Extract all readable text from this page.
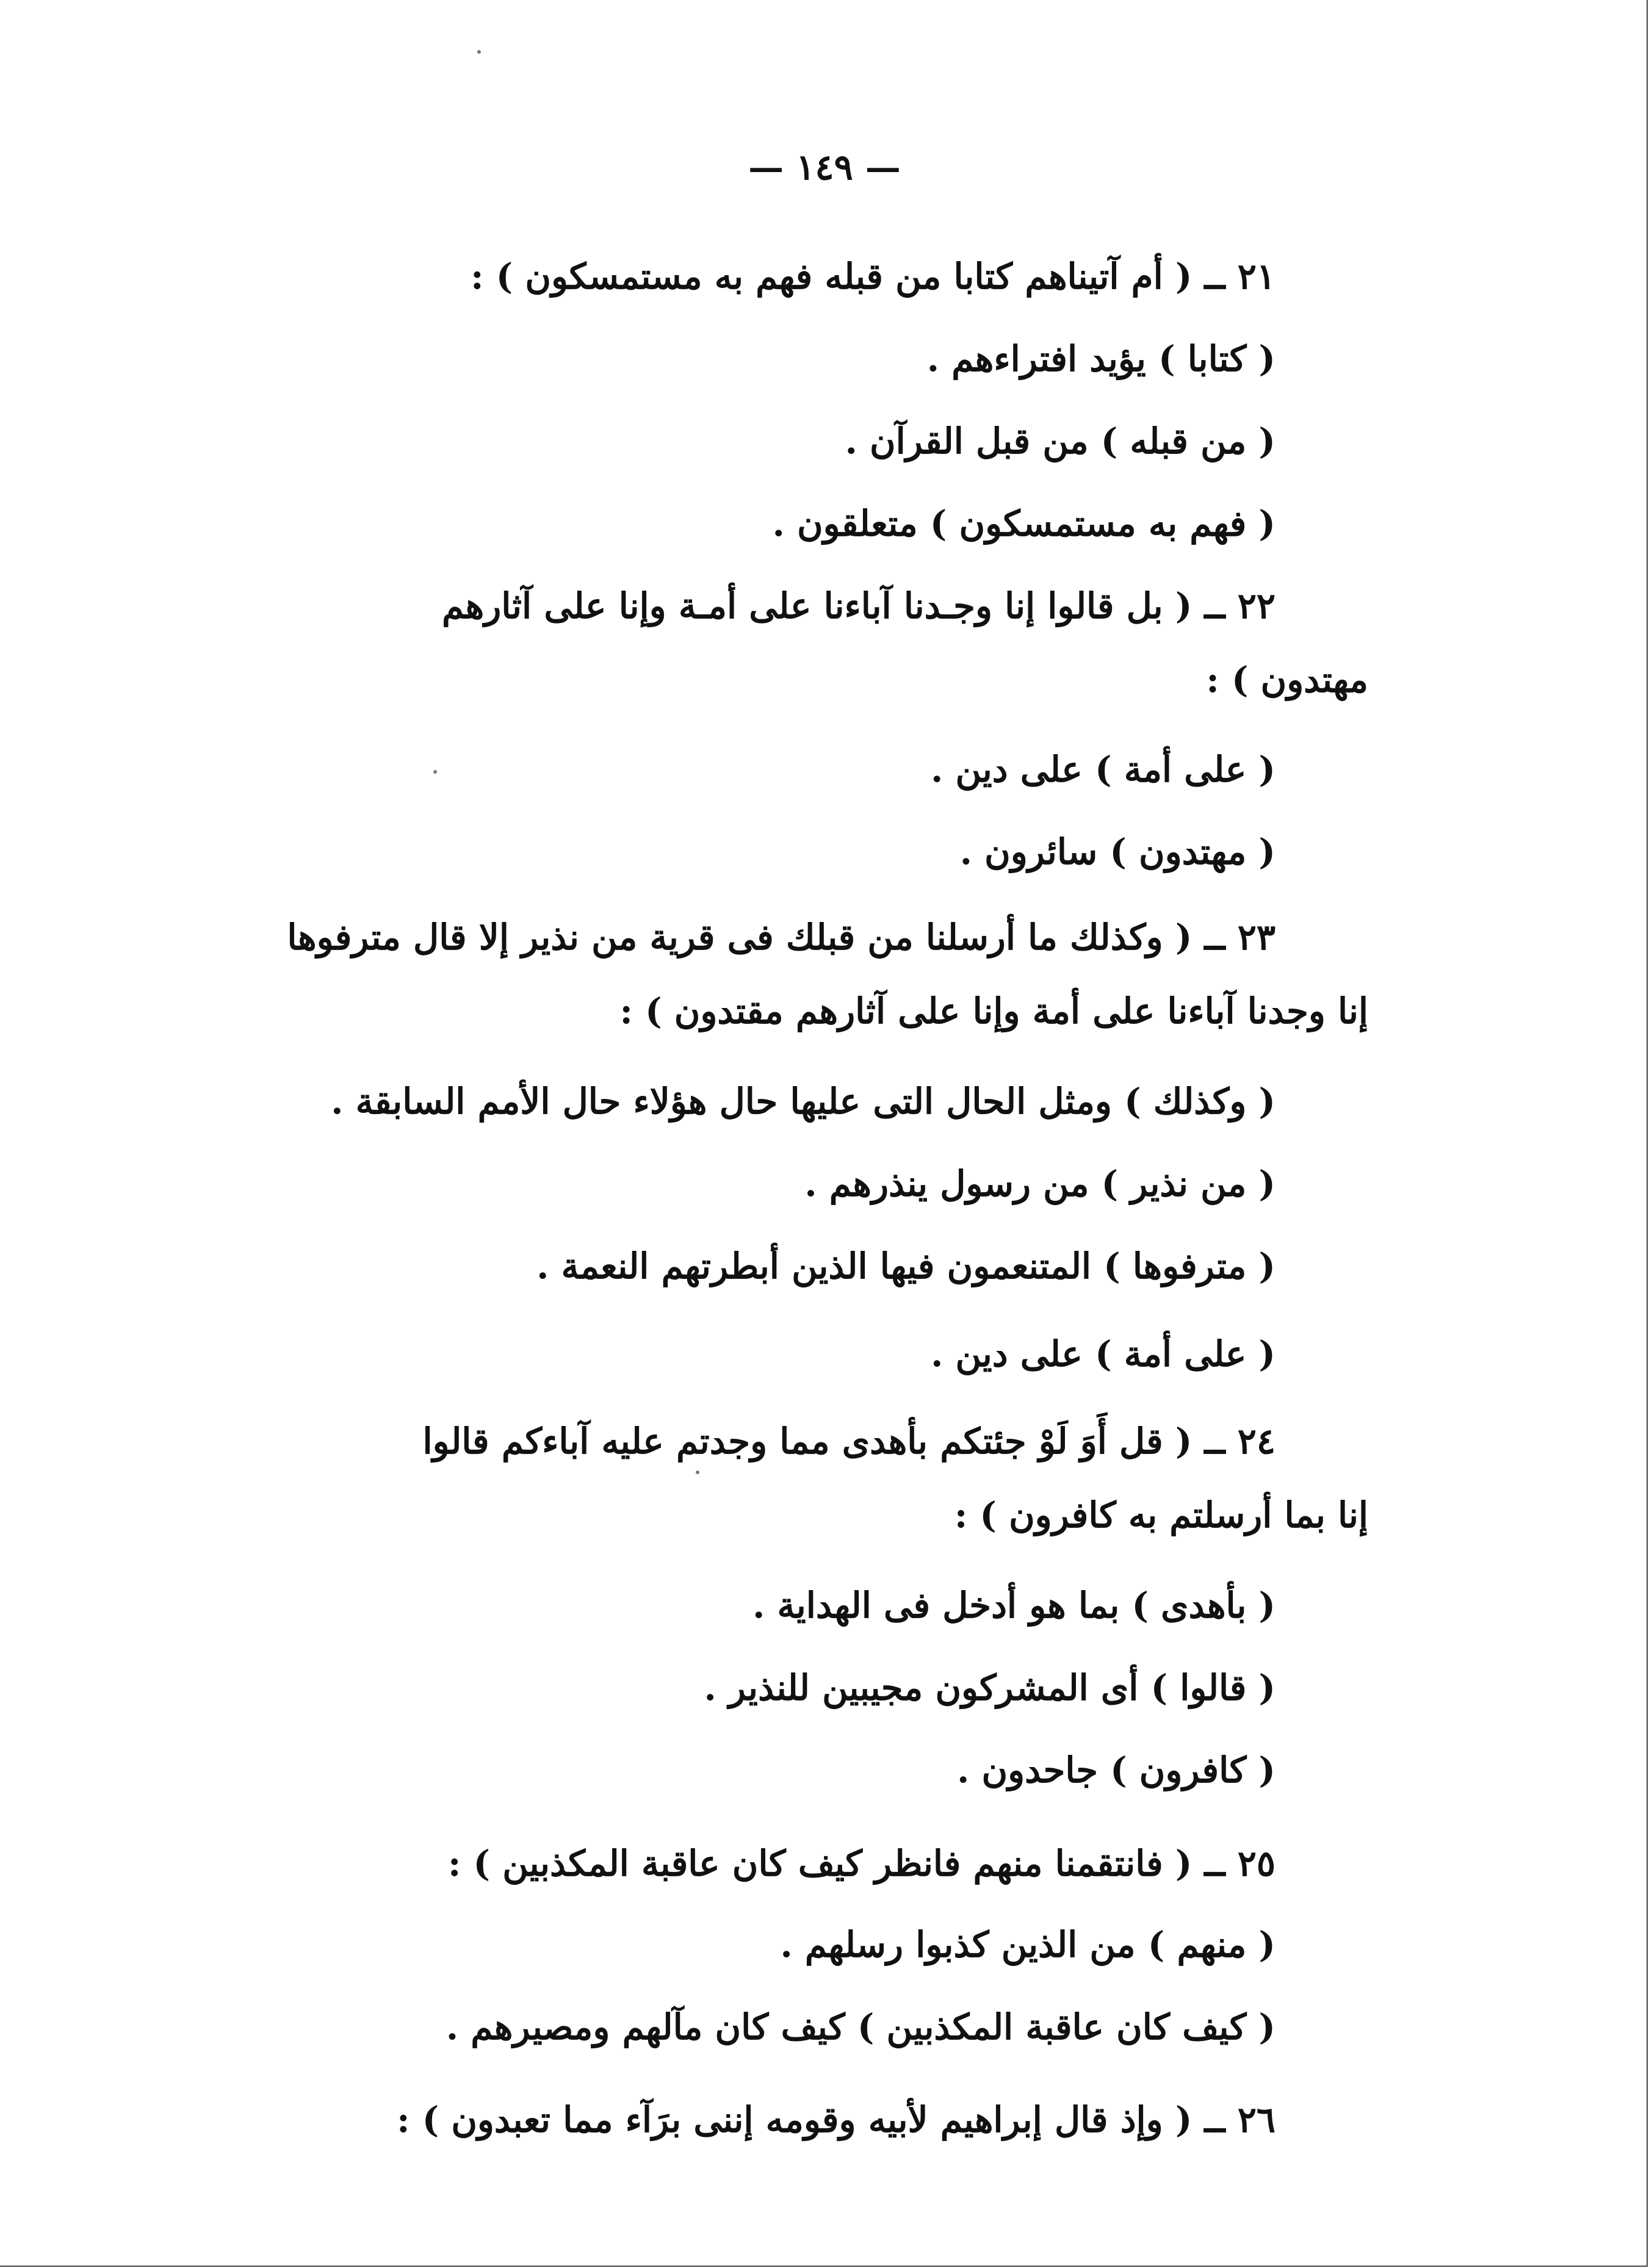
— ١٤٩ —
٢١ ــ ( أم آتيناهم كتابا من قبله فهم به مستمسكون ) :
( كتابا ) يؤيد افتراءهم .
( من قبله ) من قبل القرآن .
( فهم به مستمسكون ) متعلقون .
٢٢ ــ ( بل قالوا إنا وجـدنا آباءنا على أمـة وإنا على آثارهم
مهتدون ) :
( على أمة ) على دين .
( مهتدون ) سائرون .
٢٣ ــ ( وكذلك ما أرسلنا من قبلك فى قرية من نذير إلا قال مترفوها
إنا وجدنا آباءنا على أمة وإنا على آثارهم مقتدون ) :
( وكذلك ) ومثل الحال التى عليها حال هؤلاء حال الأمم السابقة .
( من نذير ) من رسول ينذرهم .
( مترفوها ) المتنعمون فيها الذين أبطرتهم النعمة .
( على أمة ) على دين .
٢٤ ــ ( قل أَوَ لَوْ جئتكم بأهدى مما وجدتم عليه آباءكم قالوا
إنا بما أرسلتم به كافرون ) :
( بأهدى ) بما هو أدخل فى الهداية .
( قالوا ) أى المشركون مجيبين للنذير .
( كافرون ) جاحدون .
٢٥ ــ ( فانتقمنا منهم فانظر كيف كان عاقبة المكذبين ) :
( منهم ) من الذين كذبوا رسلهم .
( كيف كان عاقبة المكذبين ) كيف كان مآلهم ومصيرهم .
٢٦ ــ ( وإذ قال إبراهيم لأبيه وقومه إننى برَآء مما تعبدون ) :
